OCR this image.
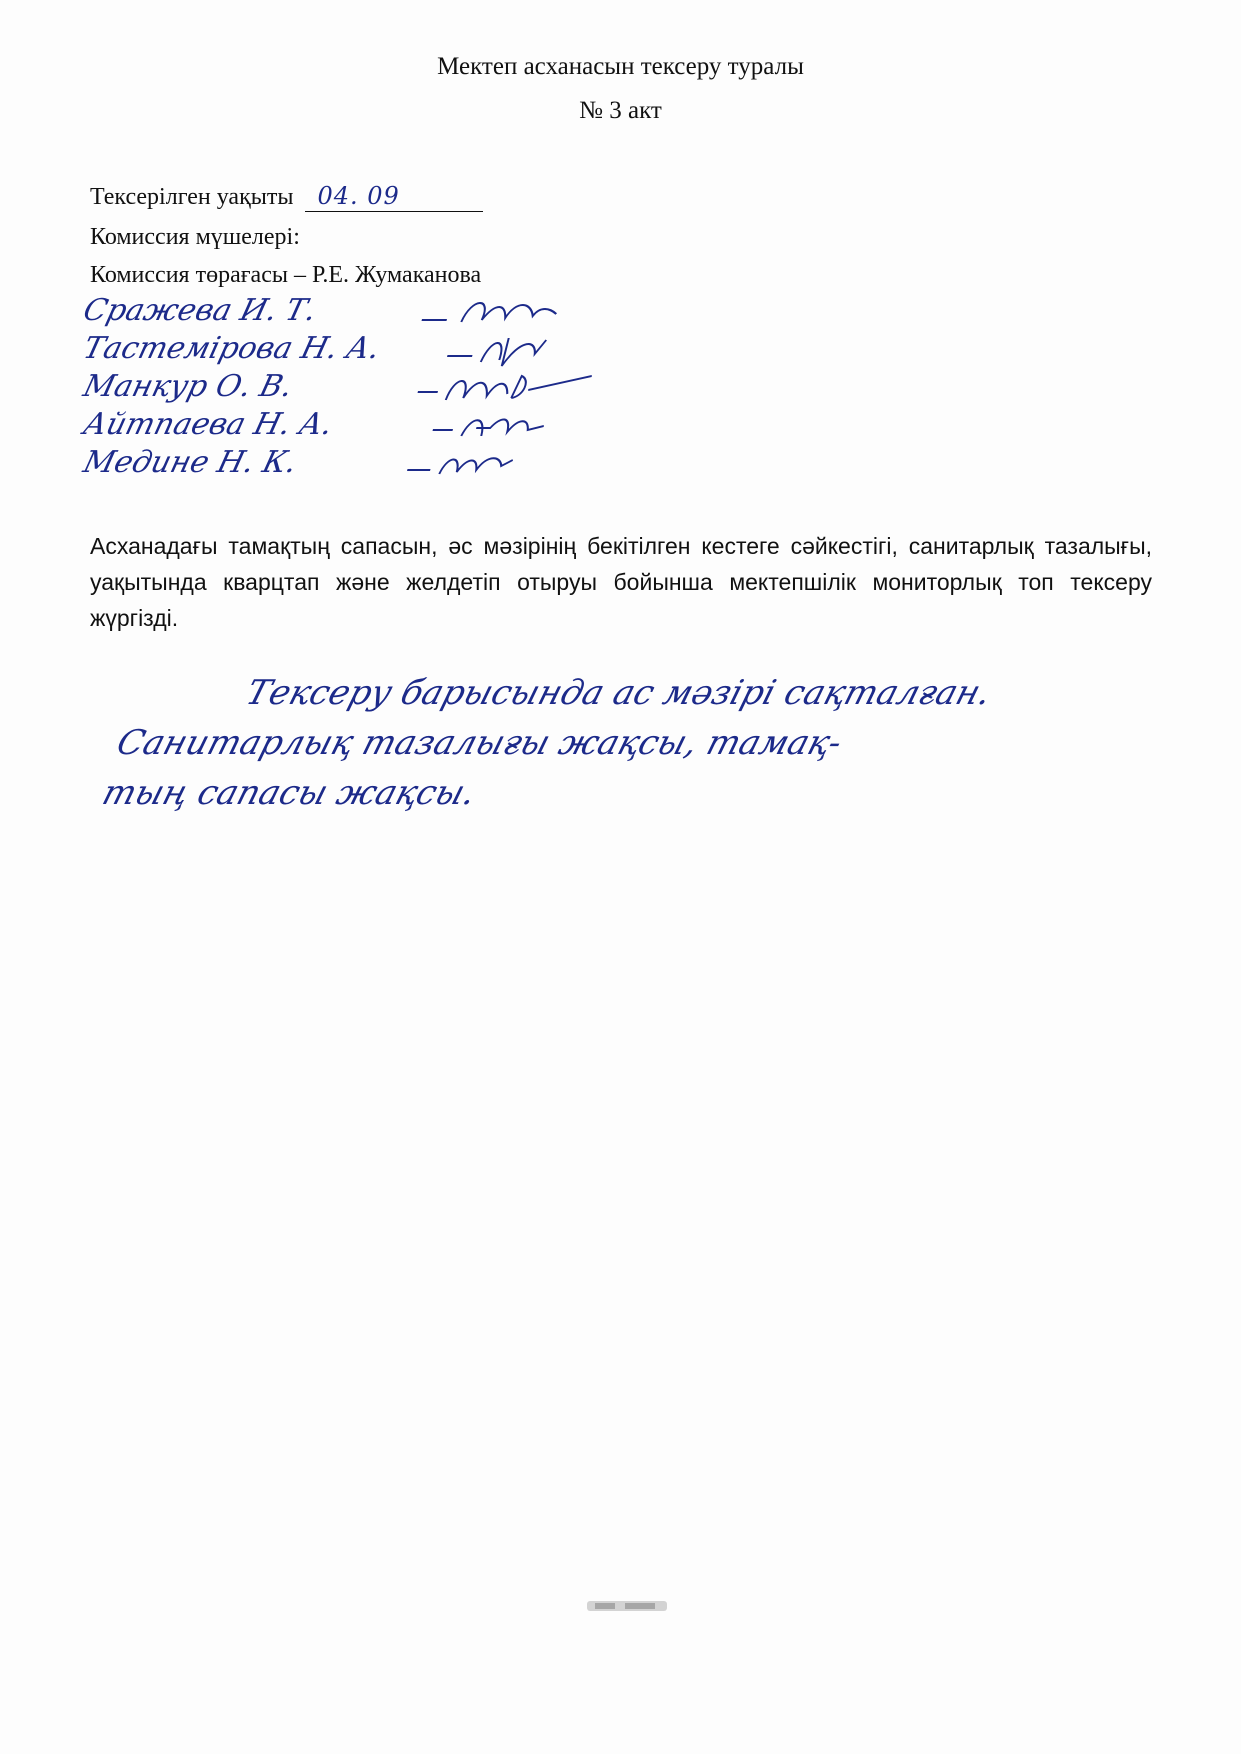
Мектеп асханасын тексеру туралы
№ 3 акт
Тексерілген уақыты 04. 09
Комиссия мүшелері:
Комиссия төрағасы – Р.Е. Жумаканова
Сражева И. Т.
Тастемірова Н. А.
Манкур О. В.
Айтпаева Н. А.
Медине Н. К.
Асханадағы тамақтың сапасын, әс мәзірінің бекітілген кестеге сәйкестігі, санитарлық тазалығы, уақытында кварцтап және желдетіп отыруы бойынша мектепшілік мониторлық топ тексеру жүргізді.
Тексеру барысында ас мәзірі сақталған.
Санитарлық тазалығы жақсы, тамақ-
тың сапасы жақсы.
